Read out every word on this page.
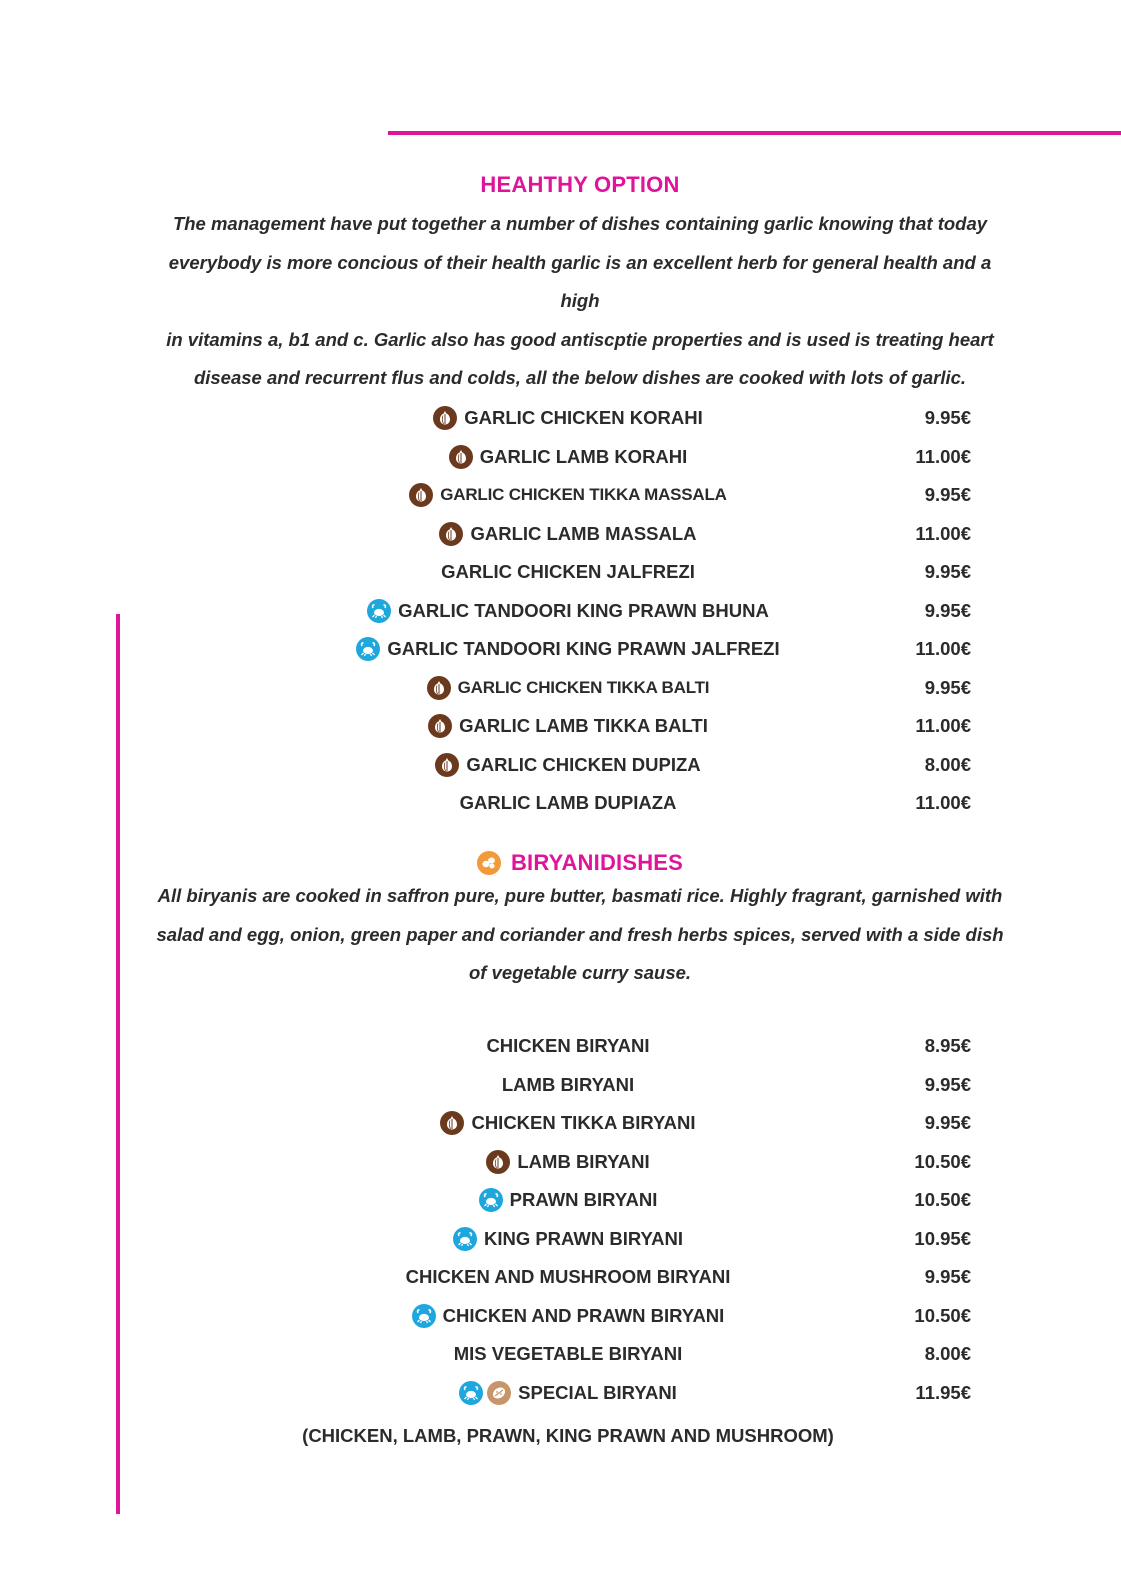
HEAHTHY OPTION
The management have put together a number of dishes containing garlic knowing that today
everybody is more concious of their health garlic is an excellent herb for general health and a high
in vitamins a, b1 and c. Garlic also has good antiscptie properties and is used is treating heart
disease and recurrent flus and colds, all the below dishes are cooked with lots of garlic.
GARLIC CHICKEN KORAHI	9.95€
GARLIC LAMB KORAHI	11.00€
GARLIC CHICKEN TIKKA MASSALA	9.95€
GARLIC LAMB MASSALA	11.00€
GARLIC CHICKEN JALFREZI	9.95€
GARLIC TANDOORI KING PRAWN BHUNA	9.95€
GARLIC TANDOORI KING PRAWN JALFREZI	11.00€
GARLIC CHICKEN TIKKA BALTI	9.95€
GARLIC LAMB TIKKA BALTI	11.00€
GARLIC CHICKEN DUPIZA	8.00€
GARLIC LAMB DUPIAZA	11.00€
BIRYANIDISHES
All biryanis are cooked in saffron pure, pure butter, basmati rice. Highly fragrant, garnished with
salad and egg, onion, green paper and coriander and fresh herbs spices, served with a side dish
of vegetable curry sause.
CHICKEN BIRYANI	8.95€
LAMB BIRYANI	9.95€
CHICKEN TIKKA BIRYANI	9.95€
LAMB BIRYANI	10.50€
PRAWN BIRYANI	10.50€
KING PRAWN BIRYANI	10.95€
CHICKEN AND MUSHROOM BIRYANI	9.95€
CHICKEN AND PRAWN BIRYANI	10.50€
MIS VEGETABLE BIRYANI	8.00€
SPECIAL BIRYANI	11.95€
(CHICKEN, LAMB, PRAWN, KING PRAWN AND MUSHROOM)
